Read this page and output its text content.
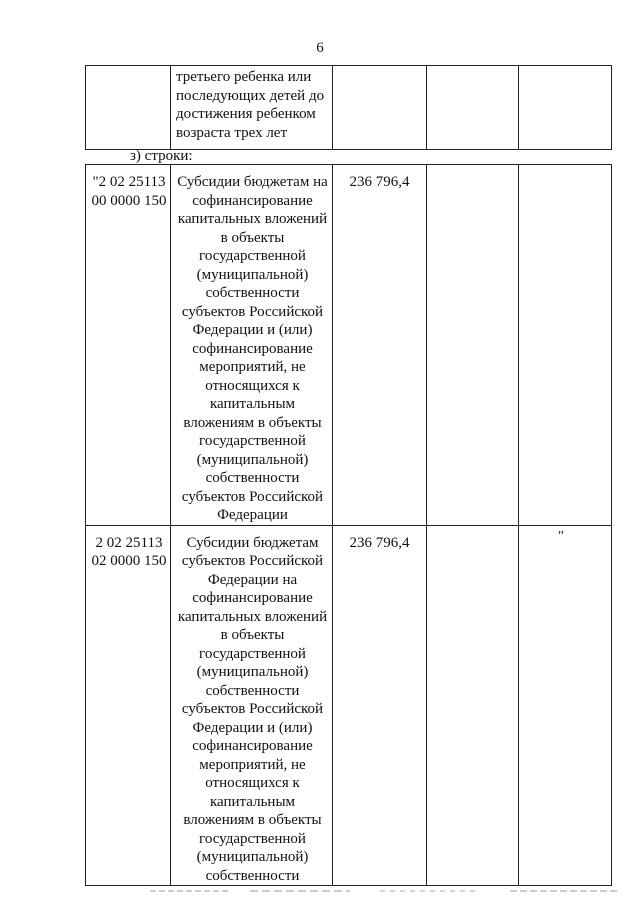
6

третьего ребенка или последующих детей до достижения ребенком возраста трех лет

з) строки:
"2 02 25113
00 0000 150	Субсидии бюджетам на софинансирование капитальных вложений в объекты государственной (муниципальной) собственности субъектов Российской Федерации и (или) софинансирование мероприятий, не относящихся к капитальным вложениям в объекты государственной (муниципальной) собственности субъектов Российской Федерации	236 796,4		

2 02 25113
02 0000 150	Субсидии бюджетам субъектов Российской Федерации на софинансирование капитальных вложений в объекты государственной (муниципальной) собственности субъектов Российской Федерации и (или) софинансирование мероприятий, не относящихся к капитальным вложениям в объекты государственной (муниципальной) собственности	236 796,4		"
